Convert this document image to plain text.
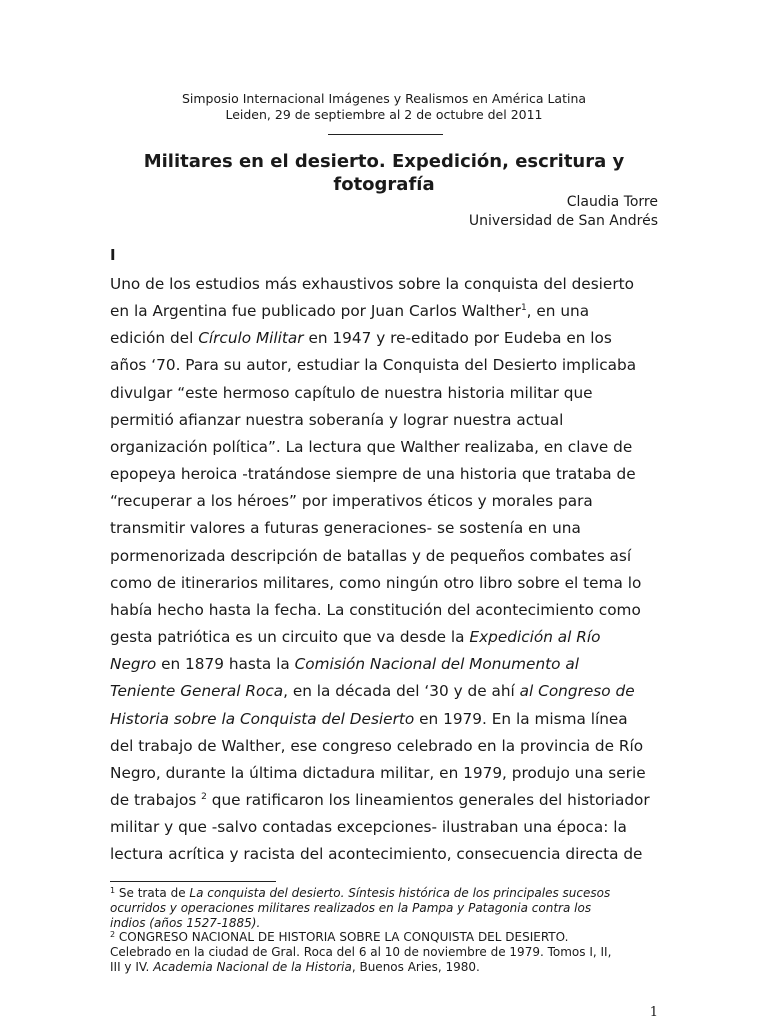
Simposio Internacional Imágenes y Realismos en América Latina
Leiden, 29 de septiembre al 2 de octubre del 2011
Militares en el desierto. Expedición, escritura y
fotografía
Claudia Torre
Universidad de San Andrés
I
Uno de los estudios más exhaustivos sobre la conquista del desierto
en la Argentina fue publicado por Juan Carlos Walther$^1$, en una
edición del Círculo Militar en 1947 y re-editado por Eudeba en los
años ‘70. Para su autor, estudiar la Conquista del Desierto implicaba
divulgar “este hermoso capítulo de nuestra historia militar que
permitió afianzar nuestra soberanía y lograr nuestra actual
organización política”. La lectura que Walther realizaba, en clave de
epopeya heroica -tratándose siempre de una historia que trataba de
“recuperar a los héroes” por imperativos éticos y morales para
transmitir valores a futuras generaciones- se sostenía en una
pormenorizada descripción de batallas y de pequeños combates así
como de itinerarios militares, como ningún otro libro sobre el tema lo
había hecho hasta la fecha. La constitución del acontecimiento como
gesta patriótica es un circuito que va desde la Expedición al Río
Negro en 1879 hasta la Comisión Nacional del Monumento al
Teniente General Roca, en la década del ‘30 y de ahí al Congreso de
Historia sobre la Conquista del Desierto en 1979. En la misma línea
del trabajo de Walther, ese congreso celebrado en la provincia de Río
Negro, durante la última dictadura militar, en 1979, produjo una serie
de trabajos $^2$ que ratificaron los lineamientos generales del historiador
militar y que -salvo contadas excepciones- ilustraban una época: la
lectura acrítica y racista del acontecimiento, consecuencia directa de
$^1$ Se trata de La conquista del desierto. Síntesis histórica de los principales sucesos
ocurridos y operaciones militares realizados en la Pampa y Patagonia contra los
indios (años 1527-1885).
$^2$ CONGRESO NACIONAL DE HISTORIA SOBRE LA CONQUISTA DEL DESIERTO.
Celebrado en la ciudad de Gral. Roca del 6 al 10 de noviembre de 1979. Tomos I, II,
III y IV. Academia Nacional de la Historia, Buenos Aries, 1980.
1
